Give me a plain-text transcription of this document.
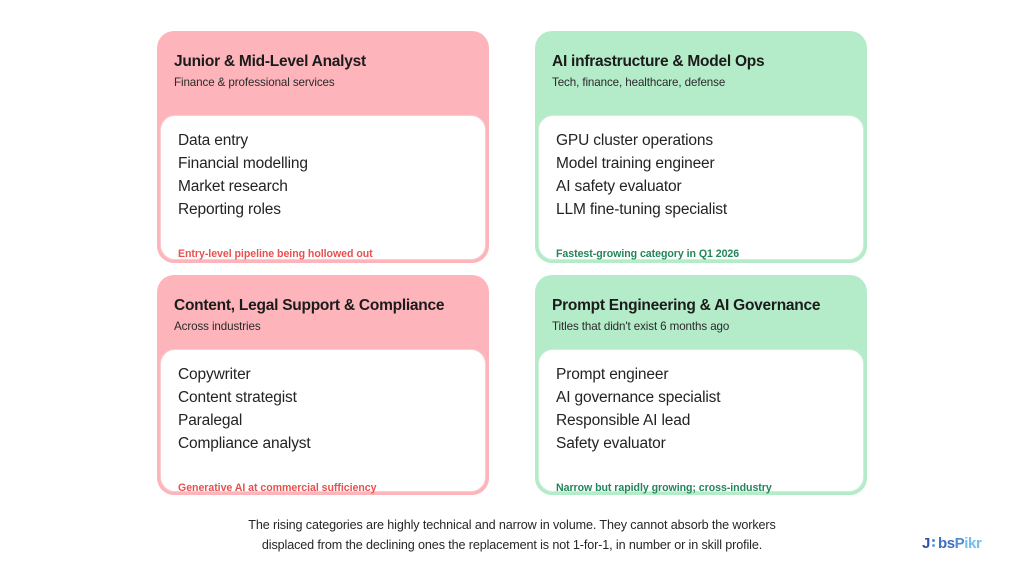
Junior & Mid-Level Analyst
Finance & professional services
Data entry
Financial modelling
Market research
Reporting roles
Entry-level pipeline being hollowed out
AI infrastructure & Model Ops
Tech, finance, healthcare, defense
GPU cluster operations
Model training engineer
AI safety evaluator
LLM fine-tuning specialist
Fastest-growing category in Q1 2026
Content, Legal Support & Compliance
Across industries
Copywriter
Content strategist
Paralegal
Compliance analyst
Generative AI at commercial sufficiency
Prompt Engineering & AI Governance
Titles that didn't exist 6 months ago
Prompt engineer
AI governance specialist
Responsible AI lead
Safety evaluator
Narrow but rapidly growing; cross-industry
The rising categories are highly technical and narrow in volume. They cannot absorb the workers
displaced from the declining ones the replacement is not 1-for-1, in number or in skill profile.	J bs P ikr
